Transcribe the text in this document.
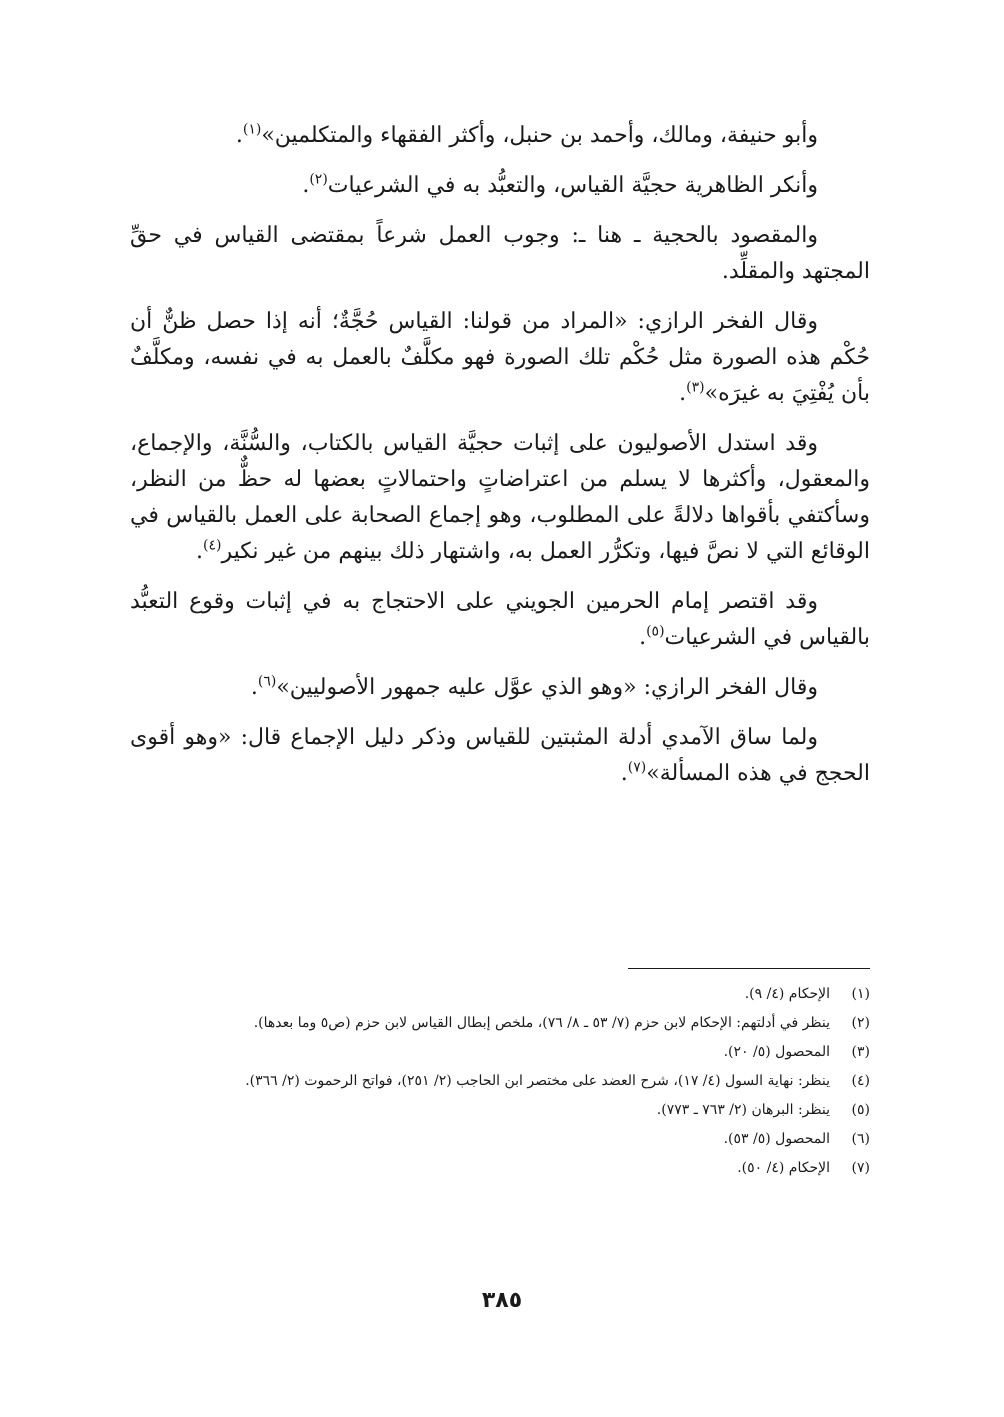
وأبو حنيفة، ومالك، وأحمد بن حنبل، وأكثر الفقهاء والمتكلمين»$^{(١)}$.

وأنكر الظاهرية حجيَّة القياس، والتعبُّد به في الشرعيات$^{(٢)}$.

والمقصود بالحجية ـ هنا ـ: وجوب العمل شرعاً بمقتضى القياس في حقِّ المجتهد والمقلِّد.

وقال الفخر الرازي: «المراد من قولنا: القياس حُجَّةٌ؛ أنه إذا حصل ظنٌّ أن حُكْم هذه الصورة مثل حُكْم تلك الصورة فهو مكلَّفٌ بالعمل به في نفسه، ومكلَّفٌ بأن يُفْتِيَ به غيرَه»$^{(٣)}$.

وقد استدل الأصوليون على إثبات حجيَّة القياس بالكتاب، والسُّنَّة، والإجماع، والمعقول، وأكثرها لا يسلم من اعتراضاتٍ واحتمالاتٍ بعضها له حظٌّ من النظر، وسأكتفي بأقواها دلالةً على المطلوب، وهو إجماع الصحابة على العمل بالقياس في الوقائع التي لا نصَّ فيها، وتكرُّر العمل به، واشتهار ذلك بينهم من غير نكير$^{(٤)}$.

وقد اقتصر إمام الحرمين الجويني على الاحتجاج به في إثبات وقوع التعبُّد بالقياس في الشرعيات$^{(٥)}$.

وقال الفخر الرازي: «وهو الذي عوَّل عليه جمهور الأصوليين»$^{(٦)}$.

ولما ساق الآمدي أدلة المثبتين للقياس وذكر دليل الإجماع قال: «وهو أقوى الحجج في هذه المسألة»$^{(٧)}$.

(١)
الإحكام (٤/ ٩).
(٢)
ينظر في أدلتهم: الإحكام لابن حزم (٧/ ٥٣ ـ ٨/ ٧٦)، ملخص إبطال القياس لابن حزم (ص٥ وما بعدها).
(٣)
المحصول (٥/ ٢٠).
(٤)
ينظر: نهاية السول (٤/ ١٧)، شرح العضد على مختصر ابن الحاجب (٢/ ٢٥١)، فواتح الرحموت (٢/ ٣٦٦).
(٥)
ينظر: البرهان (٢/ ٧٦٣ ـ ٧٧٣).
(٦)
المحصول (٥/ ٥٣).
(٧)
الإحكام (٤/ ٥٠).
٣٨٥
